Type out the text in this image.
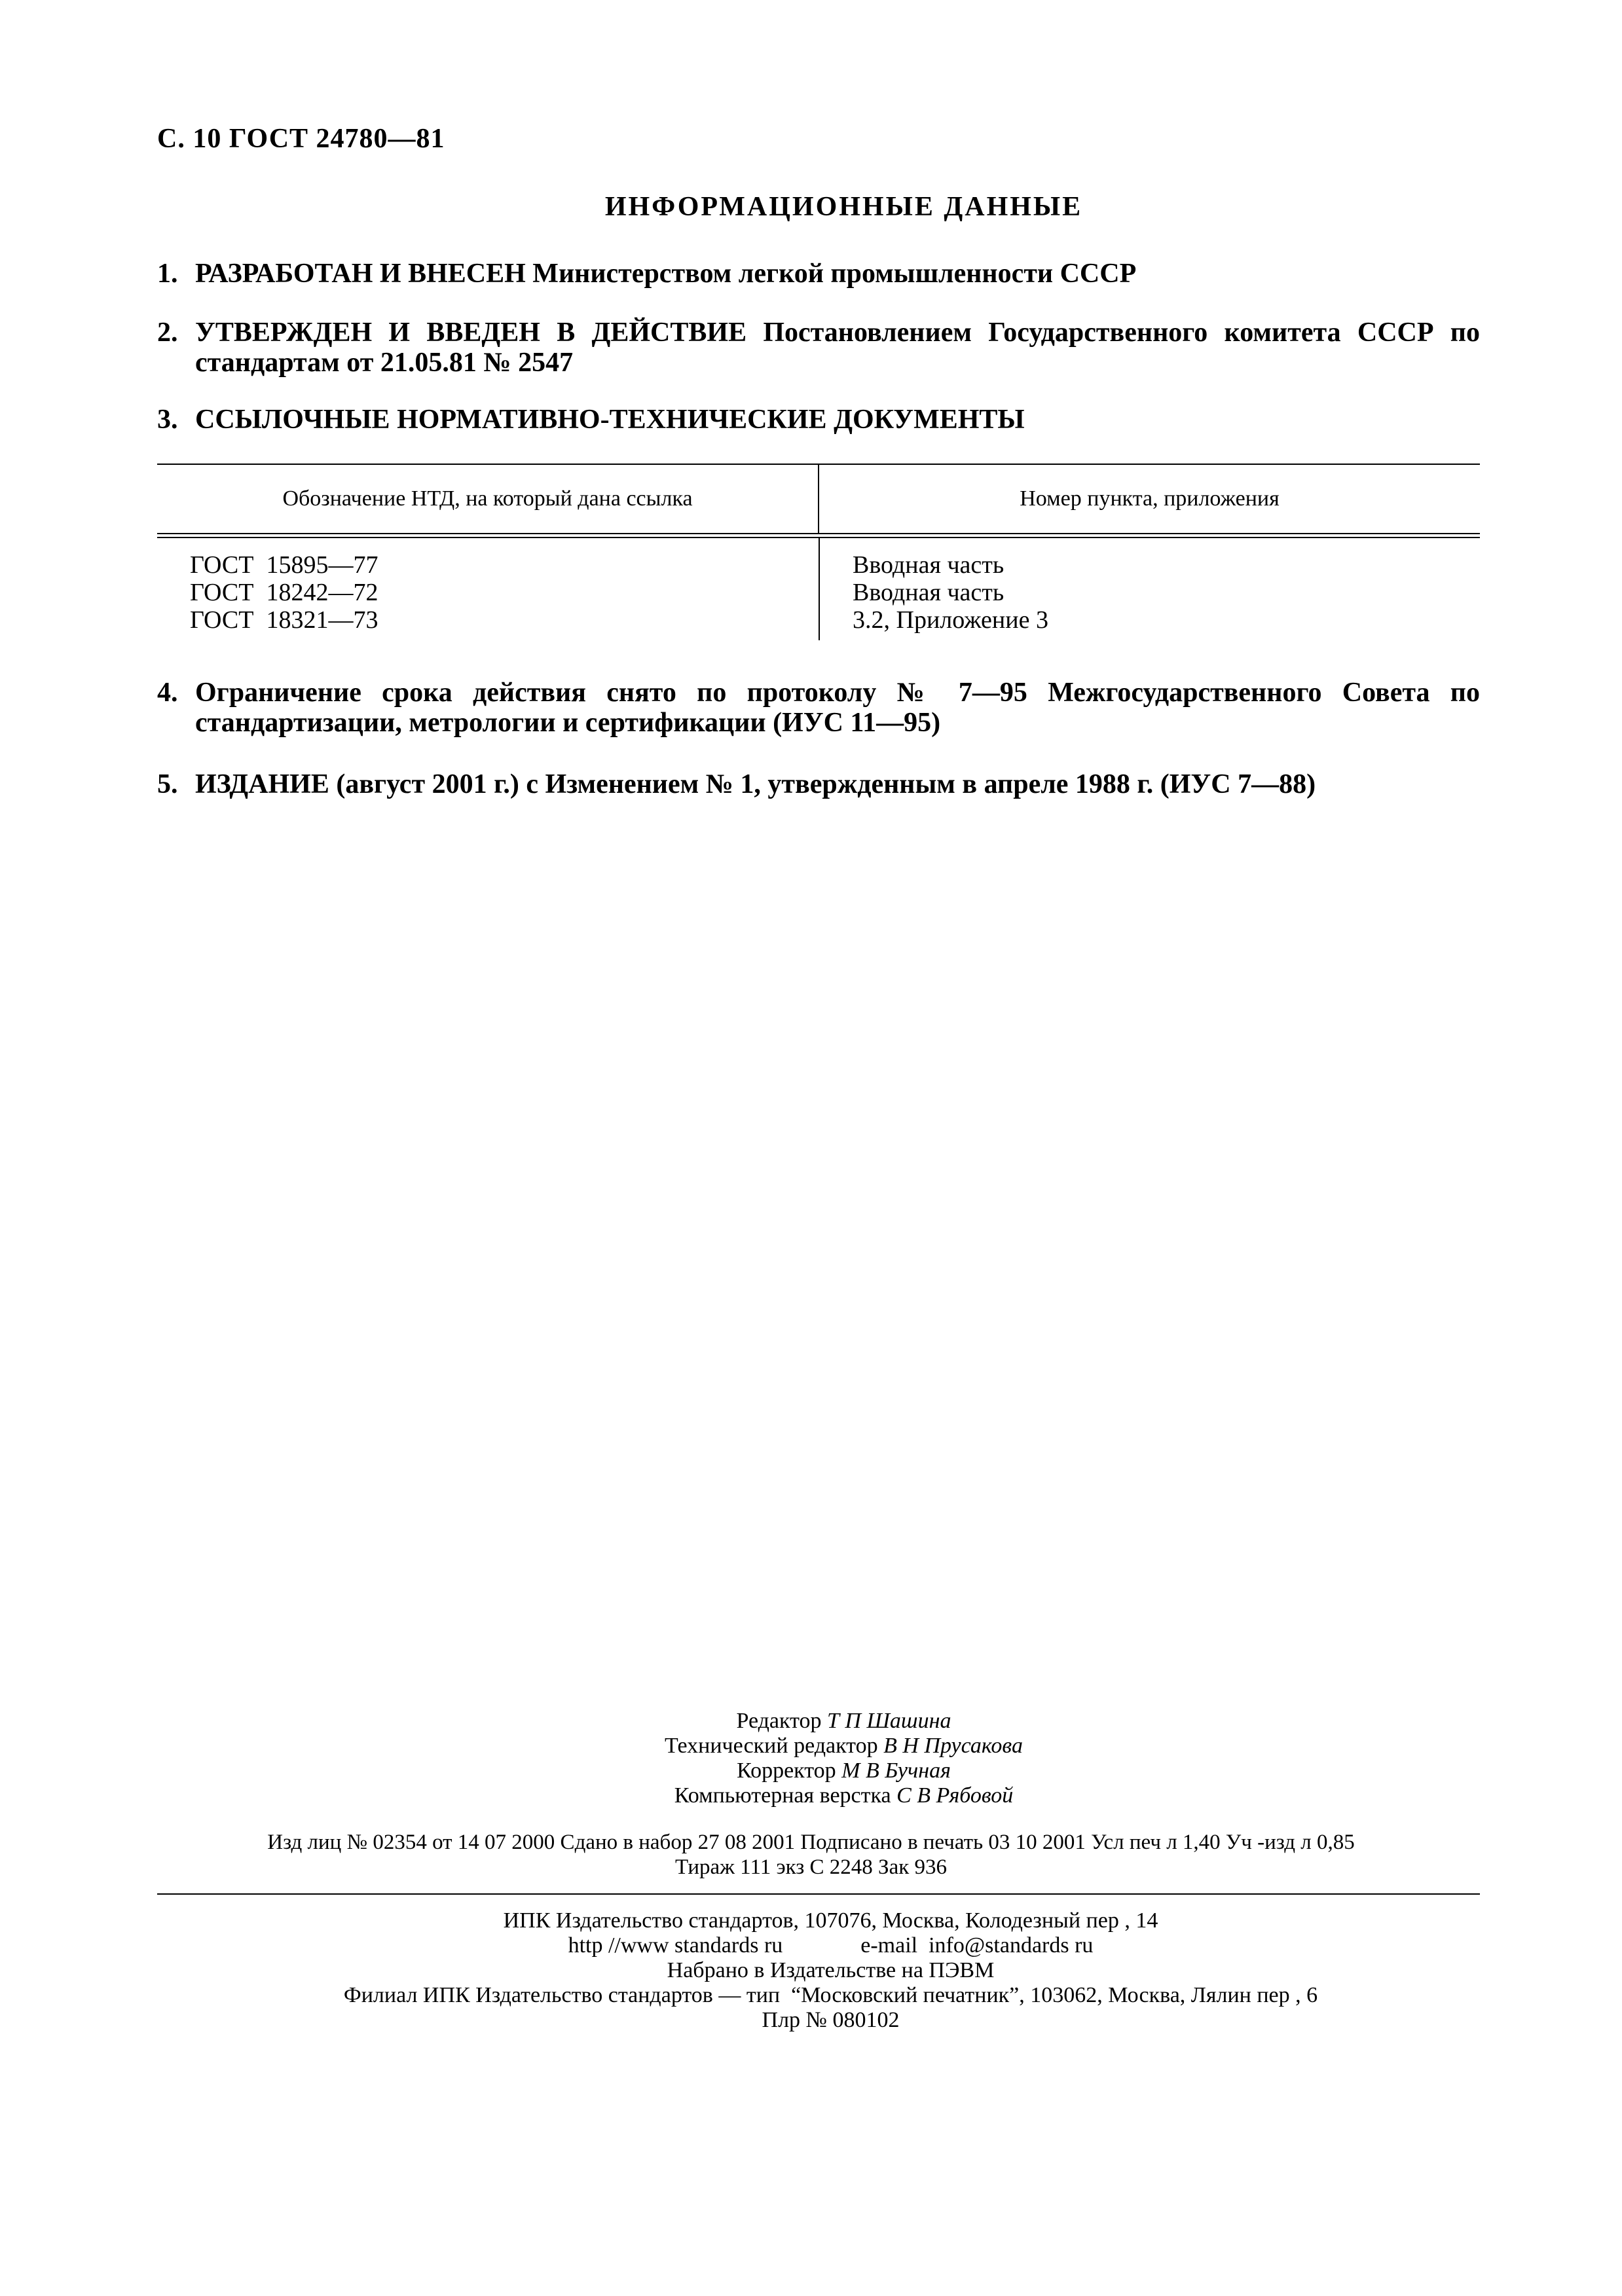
С. 10 ГОСТ 24780—81
ИНФОРМАЦИОННЫЕ ДАННЫЕ
1. РАЗРАБОТАН И ВНЕСЕН Министерством легкой промышленности СССР
2. УТВЕРЖДЕН И ВВЕДЕН В ДЕЙСТВИЕ Постановлением Государственного комитета СССР по стандартам от 21.05.81 № 2547
3. ССЫЛОЧНЫЕ НОРМАТИВНО-ТЕХНИЧЕСКИЕ ДОКУМЕНТЫ
Обозначение НТД, на который дана ссылка	Номер пункта, приложения
ГОСТ  15895—77
ГОСТ  18242—72
ГОСТ  18321—73
Вводная часть
Вводная часть
3.2, Приложение 3
4. Ограничение срока действия снято по протоколу № 7—95 Межгосударственного Совета по стандартизации, метрологии и сертификации (ИУС 11—95)
5. ИЗДАНИЕ (август 2001 г.) с Изменением № 1, утвержденным в апреле 1988 г. (ИУС 7—88)
Редактор Т П Шашина
Технический редактор В Н Прусакова
Корректор М В Бучная
Компьютерная верстка С В Рябовой
Изд лиц № 02354 от 14 07 2000 Сдано в набор 27 08 2001 Подписано в печать 03 10 2001 Усл печ л 1,40 Уч -изд л 0,85
Тираж 111 экз С 2248 Зак 936
ИПК Издательство стандартов, 107076, Москва, Колодезный пер , 14
http //www standards ru              e-mail  info@standards ru
Набрано в Издательстве на ПЭВМ
Филиал ИПК Издательство стандартов — тип  “Московский печатник”, 103062, Москва, Лялин пер , 6
Плр № 080102
